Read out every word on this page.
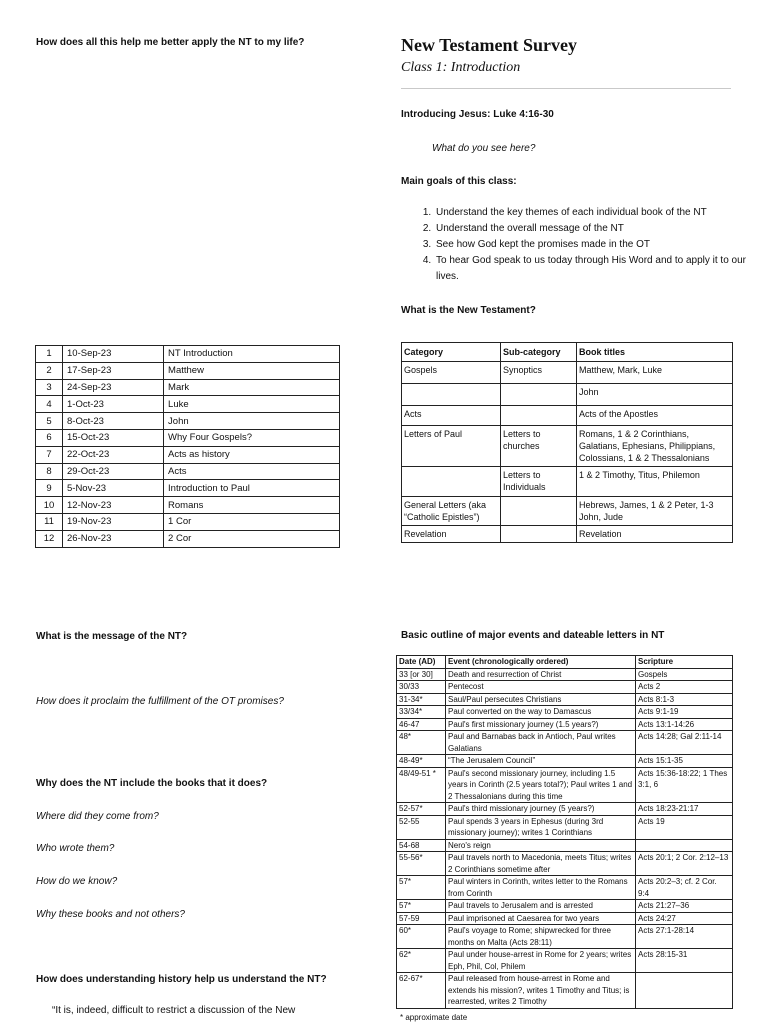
How does all this help me better apply the NT to my life?
1	10-Sep-23	NT Introduction
2	17-Sep-23	Matthew
3	24-Sep-23	Mark
4	1-Oct-23	Luke
5	8-Oct-23	John
6	15-Oct-23	Why Four Gospels?
7	22-Oct-23	Acts as history
8	29-Oct-23	Acts
9	5-Nov-23	Introduction to Paul
10	12-Nov-23	Romans
11	19-Nov-23	1 Cor
12	26-Nov-23	2 Cor
What is the message of the NT?
How does it proclaim the fulfillment of the OT promises?
Why does the NT include the books that it does?
Where did they come from?
Who wrote them?
How do we know?
Why these books and not others?
How does understanding history help us understand the NT?
“It is, indeed, difficult to restrict a discussion of the New
New Testament Survey
Class 1: Introduction
Introducing Jesus: Luke 4:16-30
What do you see here?
Main goals of this class:
1. Understand the key themes of each individual book of the NT
2. Understand the overall message of the NT
3. See how God kept the promises made in the OT
4. To hear God speak to us today through His Word and to apply it to our lives.
What is the New Testament?
Category	Sub-category	Book titles
Gospels	Synoptics	Matthew, Mark, Luke
		John
Acts		Acts of the Apostles
Letters of Paul	Letters to churches	Romans, 1 & 2 Corinthians, Galatians, Ephesians, Philippians, Colossians, 1 & 2 Thessalonians
	Letters to Individuals	1 & 2 Timothy, Titus, Philemon
General Letters (aka “Catholic Epistles”)		Hebrews, James, 1 & 2 Peter, 1-3 John, Jude
Revelation		Revelation
Basic outline of major events and dateable letters in NT
Date (AD)	Event (chronologically ordered)	Scripture
33 [or 30]	Death and resurrection of Christ	Gospels
30/33	Pentecost	Acts 2
31-34*	Saul/Paul persecutes Christians	Acts 8:1-3
33/34*	Paul converted on the way to Damascus	Acts 9:1-19
46-47	Paul's first missionary journey (1.5 years?)	Acts 13:1-14:26
48*	Paul and Barnabas back in Antioch, Paul writes Galatians	Acts 14:28; Gal 2:11-14
48-49*	“The Jerusalem Council”	Acts 15:1-35
48/49-51 *	Paul's second missionary journey, including 1.5 years in Corinth (2.5 years total?); Paul writes 1 and 2 Thessalonians during this time	Acts 15:36-18:22; 1 Thes 3:1, 6
52-57*	Paul's third missionary journey (5 years?)	Acts 18:23-21:17
52-55	Paul spends 3 years in Ephesus (during 3rd missionary journey); writes 1 Corinthians	Acts 19
54-68	Nero's reign	
55-56*	Paul travels north to Macedonia, meets Titus; writes 2 Corinthians sometime after	Acts 20:1; 2 Cor. 2:12–13
57*	Paul winters in Corinth, writes letter to the Romans from Corinth	Acts 20:2–3; cf. 2 Cor. 9:4
57*	Paul travels to Jerusalem and is arrested	Acts 21:27–36
57-59	Paul imprisoned at Caesarea for two years	Acts 24:27
60*	Paul's voyage to Rome; shipwrecked for three months on Malta (Acts 28:11)	Acts 27:1-28:14
62*	Paul under house-arrest in Rome for 2 years; writes Eph, Phil, Col, Philem	Acts 28:15-31
62-67*	Paul released from house-arrest in Rome and extends his mission?, writes 1 Timothy and Titus; is rearrested, writes 2 Timothy	
* approximate date
